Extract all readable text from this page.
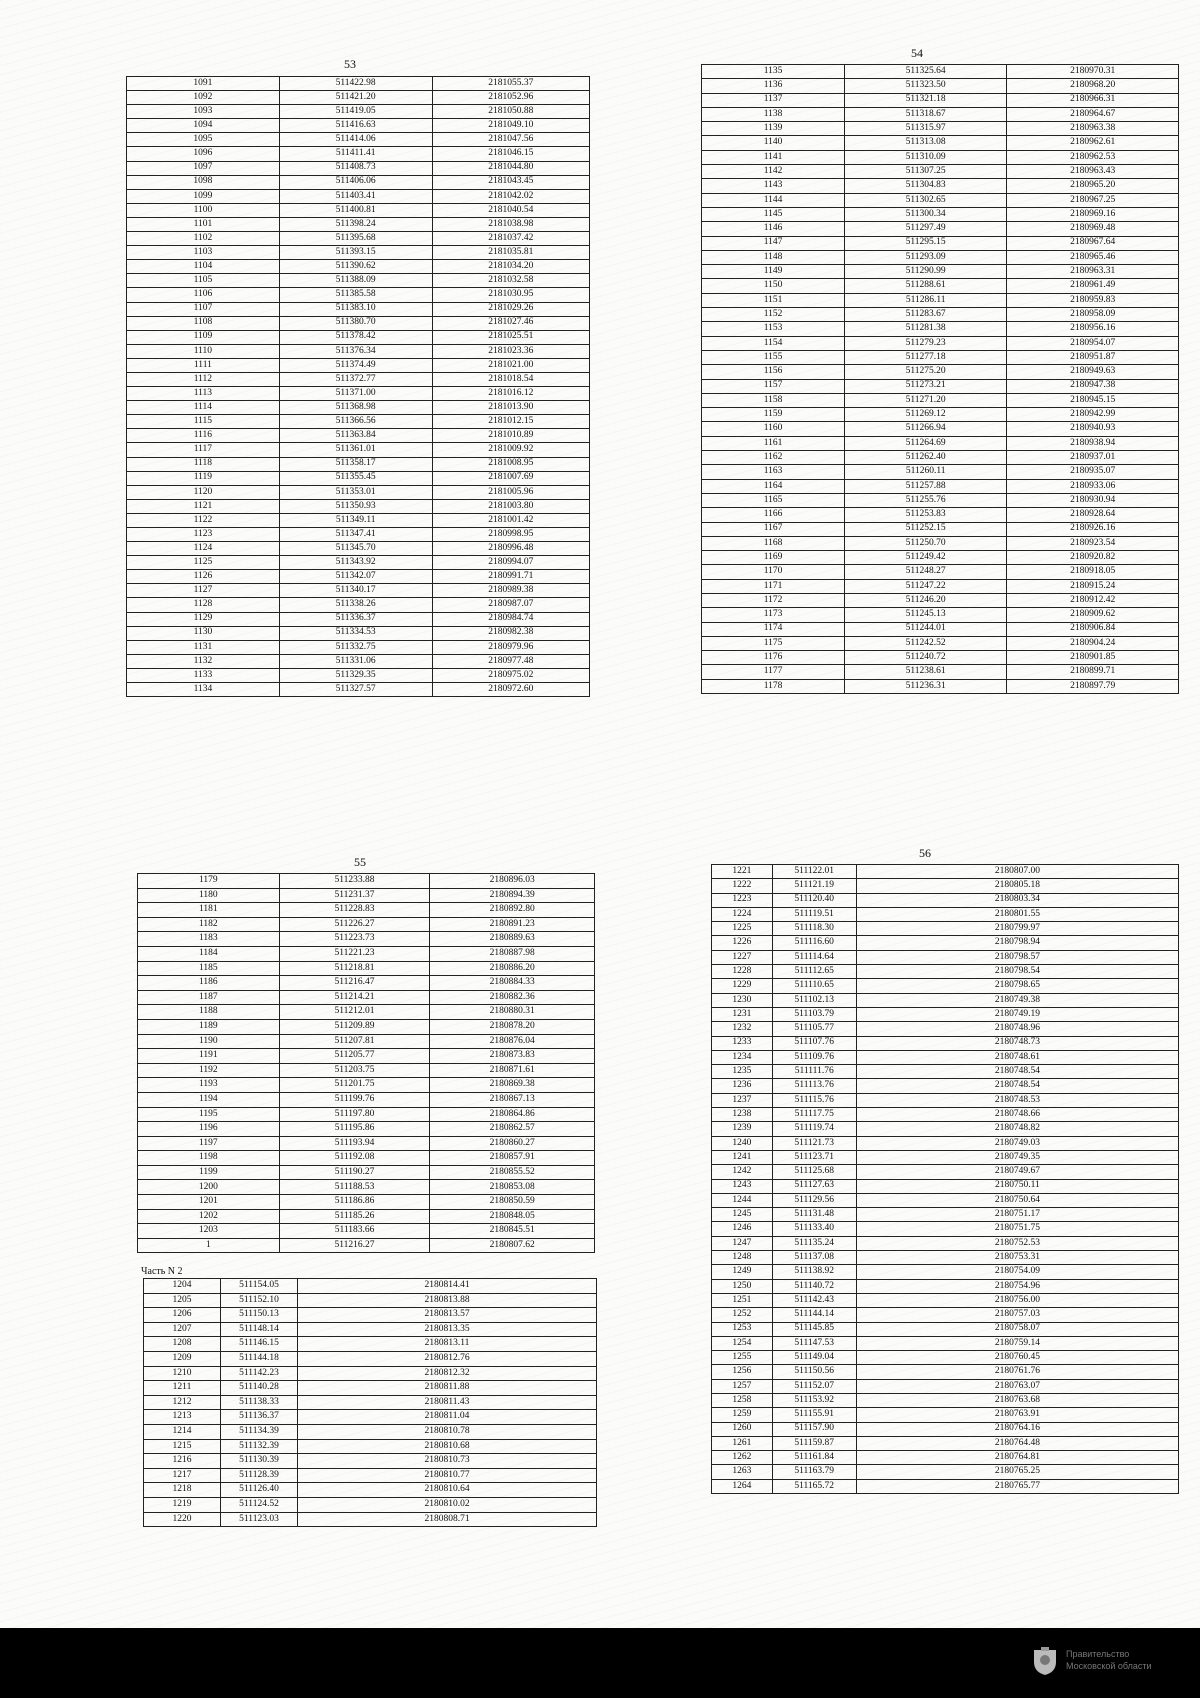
53
1091	511422.98	2181055.37
1092	511421.20	2181052.96
1093	511419.05	2181050.88
1094	511416.63	2181049.10
1095	511414.06	2181047.56
1096	511411.41	2181046.15
1097	511408.73	2181044.80
1098	511406.06	2181043.45
1099	511403.41	2181042.02
1100	511400.81	2181040.54
1101	511398.24	2181038.98
1102	511395.68	2181037.42
1103	511393.15	2181035.81
1104	511390.62	2181034.20
1105	511388.09	2181032.58
1106	511385.58	2181030.95
1107	511383.10	2181029.26
1108	511380.70	2181027.46
1109	511378.42	2181025.51
1110	511376.34	2181023.36
1111	511374.49	2181021.00
1112	511372.77	2181018.54
1113	511371.00	2181016.12
1114	511368.98	2181013.90
1115	511366.56	2181012.15
1116	511363.84	2181010.89
1117	511361.01	2181009.92
1118	511358.17	2181008.95
1119	511355.45	2181007.69
1120	511353.01	2181005.96
1121	511350.93	2181003.80
1122	511349.11	2181001.42
1123	511347.41	2180998.95
1124	511345.70	2180996.48
1125	511343.92	2180994.07
1126	511342.07	2180991.71
1127	511340.17	2180989.38
1128	511338.26	2180987.07
1129	511336.37	2180984.74
1130	511334.53	2180982.38
1131	511332.75	2180979.96
1132	511331.06	2180977.48
1133	511329.35	2180975.02
1134	511327.57	2180972.60
54
1135	511325.64	2180970.31
1136	511323.50	2180968.20
1137	511321.18	2180966.31
1138	511318.67	2180964.67
1139	511315.97	2180963.38
1140	511313.08	2180962.61
1141	511310.09	2180962.53
1142	511307.25	2180963.43
1143	511304.83	2180965.20
1144	511302.65	2180967.25
1145	511300.34	2180969.16
1146	511297.49	2180969.48
1147	511295.15	2180967.64
1148	511293.09	2180965.46
1149	511290.99	2180963.31
1150	511288.61	2180961.49
1151	511286.11	2180959.83
1152	511283.67	2180958.09
1153	511281.38	2180956.16
1154	511279.23	2180954.07
1155	511277.18	2180951.87
1156	511275.20	2180949.63
1157	511273.21	2180947.38
1158	511271.20	2180945.15
1159	511269.12	2180942.99
1160	511266.94	2180940.93
1161	511264.69	2180938.94
1162	511262.40	2180937.01
1163	511260.11	2180935.07
1164	511257.88	2180933.06
1165	511255.76	2180930.94
1166	511253.83	2180928.64
1167	511252.15	2180926.16
1168	511250.70	2180923.54
1169	511249.42	2180920.82
1170	511248.27	2180918.05
1171	511247.22	2180915.24
1172	511246.20	2180912.42
1173	511245.13	2180909.62
1174	511244.01	2180906.84
1175	511242.52	2180904.24
1176	511240.72	2180901.85
1177	511238.61	2180899.71
1178	511236.31	2180897.79
55
1179	511233.88	2180896.03
1180	511231.37	2180894.39
1181	511228.83	2180892.80
1182	511226.27	2180891.23
1183	511223.73	2180889.63
1184	511221.23	2180887.98
1185	511218.81	2180886.20
1186	511216.47	2180884.33
1187	511214.21	2180882.36
1188	511212.01	2180880.31
1189	511209.89	2180878.20
1190	511207.81	2180876.04
1191	511205.77	2180873.83
1192	511203.75	2180871.61
1193	511201.75	2180869.38
1194	511199.76	2180867.13
1195	511197.80	2180864.86
1196	511195.86	2180862.57
1197	511193.94	2180860.27
1198	511192.08	2180857.91
1199	511190.27	2180855.52
1200	511188.53	2180853.08
1201	511186.86	2180850.59
1202	511185.26	2180848.05
1203	511183.66	2180845.51
1	511216.27	2180807.62
Часть N 2
1204	511154.05	2180814.41
1205	511152.10	2180813.88
1206	511150.13	2180813.57
1207	511148.14	2180813.35
1208	511146.15	2180813.11
1209	511144.18	2180812.76
1210	511142.23	2180812.32
1211	511140.28	2180811.88
1212	511138.33	2180811.43
1213	511136.37	2180811.04
1214	511134.39	2180810.78
1215	511132.39	2180810.68
1216	511130.39	2180810.73
1217	511128.39	2180810.77
1218	511126.40	2180810.64
1219	511124.52	2180810.02
1220	511123.03	2180808.71
56
1221	511122.01	2180807.00
1222	511121.19	2180805.18
1223	511120.40	2180803.34
1224	511119.51	2180801.55
1225	511118.30	2180799.97
1226	511116.60	2180798.94
1227	511114.64	2180798.57
1228	511112.65	2180798.54
1229	511110.65	2180798.65
1230	511102.13	2180749.38
1231	511103.79	2180749.19
1232	511105.77	2180748.96
1233	511107.76	2180748.73
1234	511109.76	2180748.61
1235	511111.76	2180748.54
1236	511113.76	2180748.54
1237	511115.76	2180748.53
1238	511117.75	2180748.66
1239	511119.74	2180748.82
1240	511121.73	2180749.03
1241	511123.71	2180749.35
1242	511125.68	2180749.67
1243	511127.63	2180750.11
1244	511129.56	2180750.64
1245	511131.48	2180751.17
1246	511133.40	2180751.75
1247	511135.24	2180752.53
1248	511137.08	2180753.31
1249	511138.92	2180754.09
1250	511140.72	2180754.96
1251	511142.43	2180756.00
1252	511144.14	2180757.03
1253	511145.85	2180758.07
1254	511147.53	2180759.14
1255	511149.04	2180760.45
1256	511150.56	2180761.76
1257	511152.07	2180763.07
1258	511153.92	2180763.68
1259	511155.91	2180763.91
1260	511157.90	2180764.16
1261	511159.87	2180764.48
1262	511161.84	2180764.81
1263	511163.79	2180765.25
1264	511165.72	2180765.77
Правительство
Московской области
